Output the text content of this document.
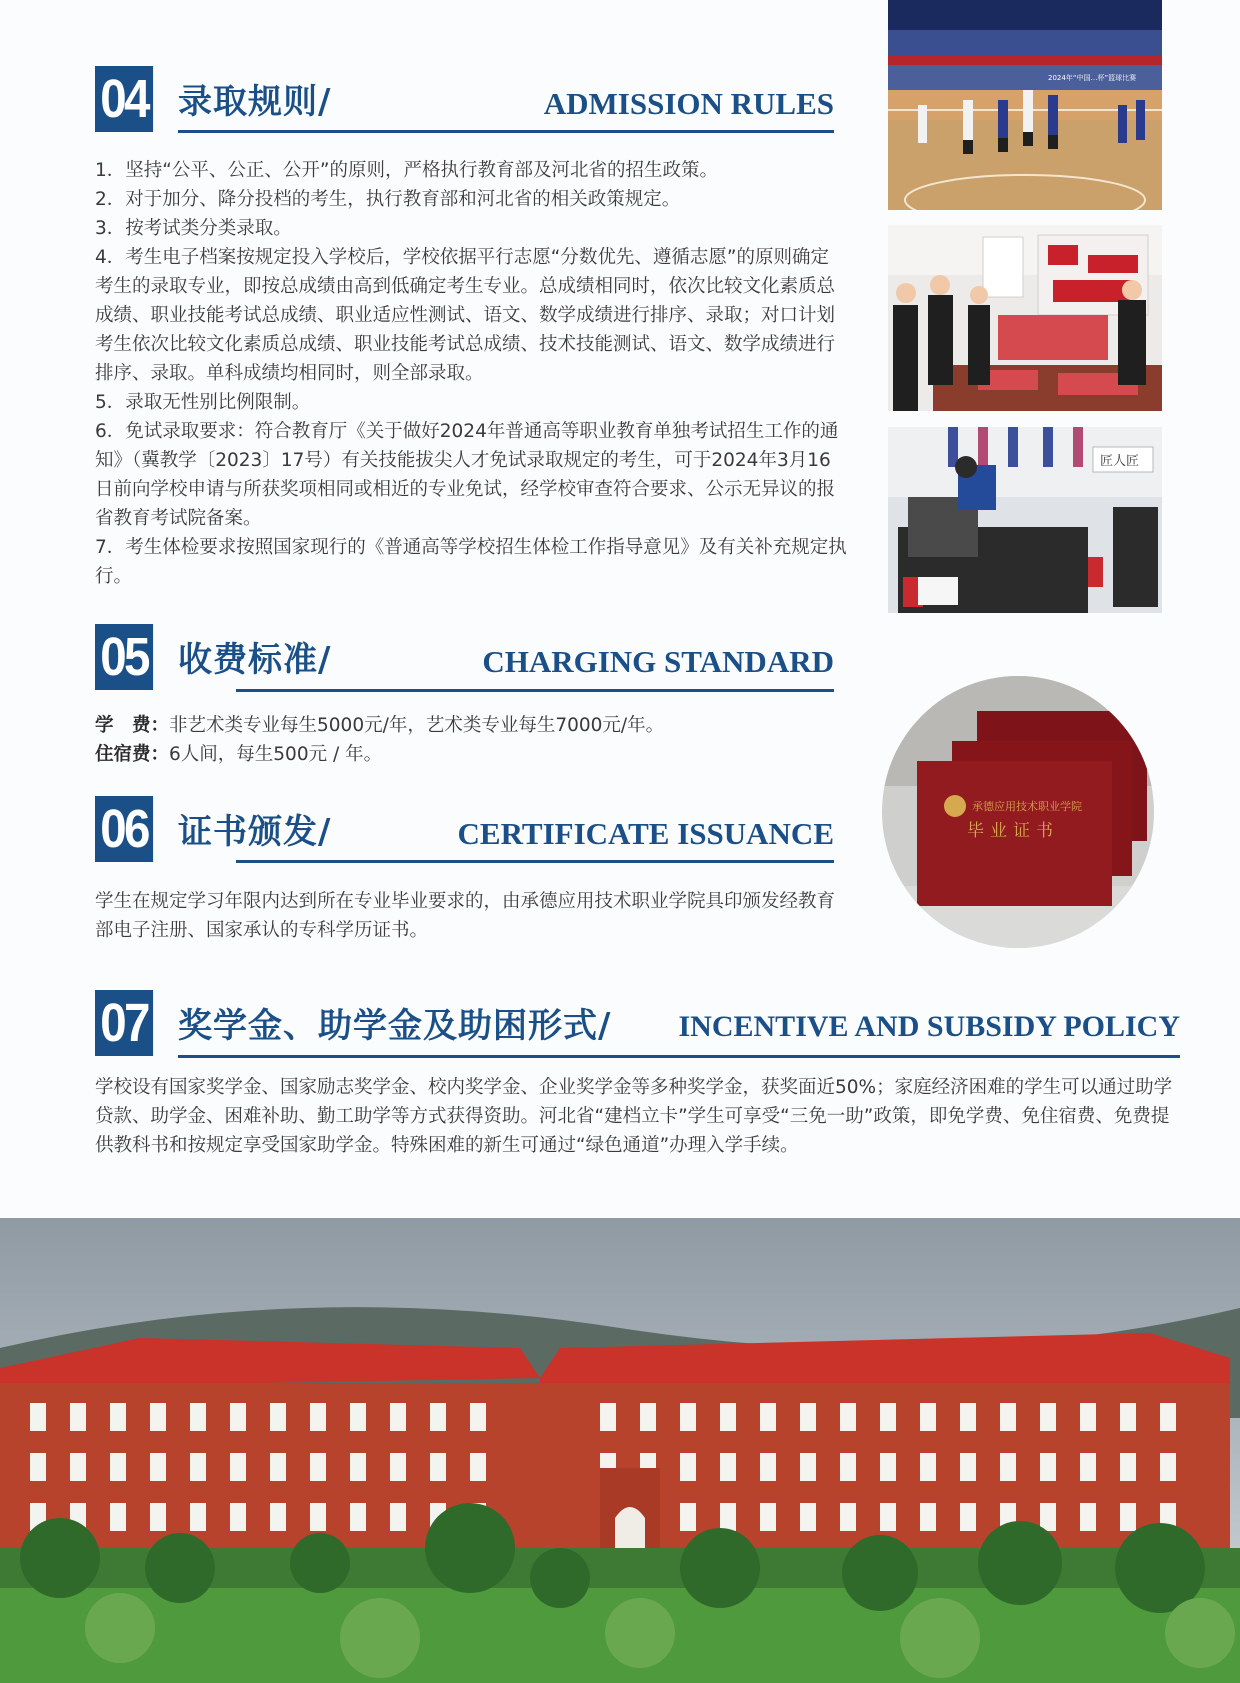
04 录取规则/	ADMISSION RULES

1．坚持“公平、公正、公开”的原则，严格执行教育部及河北省的招生政策。

2．对于加分、降分投档的考生，执行教育部和河北省的相关政策规定。

3．按考试类分类录取。

4．考生电子档案按规定投入学校后，学校依据平行志愿“分数优先、遵循志愿”的原则确定考生的录取专业，即按总成绩由高到低确定考生专业。总成绩相同时，依次比较文化素质总成绩、职业技能考试总成绩、职业适应性测试、语文、数学成绩进行排序、录取；对口计划考生依次比较文化素质总成绩、职业技能考试总成绩、技术技能测试、语文、数学成绩进行排序、录取。单科成绩均相同时，则全部录取。

5．录取无性别比例限制。

6．免试录取要求：符合教育厅《关于做好2024年普通高等职业教育单独考试招生工作的通知》（冀教学〔2023〕17号）有关技能拔尖人才免试录取规定的考生，可于2024年3月16日前向学校申请与所获奖项相同或相近的专业免试，经学校审查符合要求、公示无异议的报省教育考试院备案。

7．考生体检要求按照国家现行的《普通高等学校招生体检工作指导意见》及有关补充规定执行。

2024年“中国…杯”篮球比赛
匠人匠
05 收费标准/	CHARGING STANDARD

学　费：非艺术类专业每生5000元/年，艺术类专业每生7000元/年。

住宿费：6人间，每生500元 / 年。

承德应用技术职业学院
毕业证书
06 证书颁发/	CERTIFICATE ISSUANCE
学生在规定学习年限内达到所在专业毕业要求的，由承德应用技术职业学院具印颁发经教育部电子注册、国家承认的专科学历证书。
07 奖学金、助学金及助困形式/ INCENTIVE AND SUBSIDY POLICY
学校设有国家奖学金、国家励志奖学金、校内奖学金、企业奖学金等多种奖学金，获奖面近50%；家庭经济困难的学生可以通过助学贷款、助学金、困难补助、勤工助学等方式获得资助。河北省“建档立卡”学生可享受“三免一助”政策，即免学费、免住宿费、免费提供教科书和按规定享受国家助学金。特殊困难的新生可通过“绿色通道”办理入学手续。
